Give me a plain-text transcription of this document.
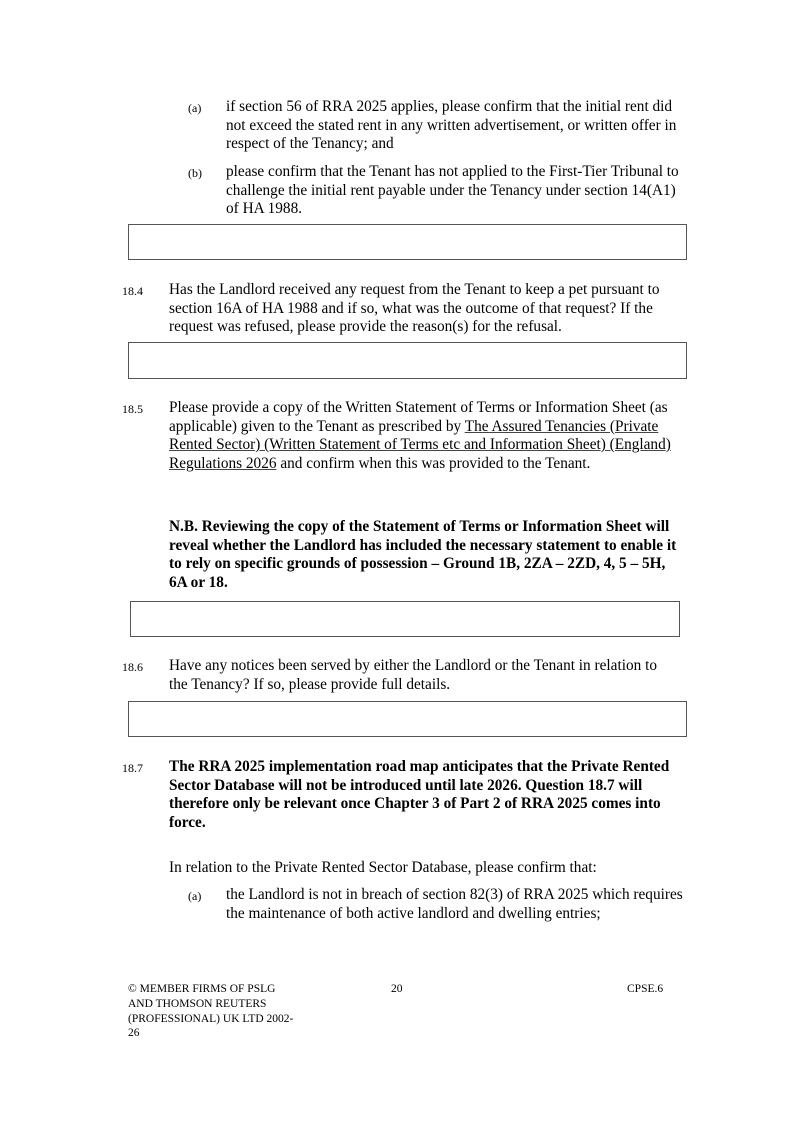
(a) if section 56 of RRA 2025 applies, please confirm that the initial rent did not exceed the stated rent in any written advertisement, or written offer in respect of the Tenancy; and

(b) please confirm that the Tenant has not applied to the First-Tier Tribunal to challenge the initial rent payable under the Tenancy under section 14(A1) of HA 1988.

18.4 Has the Landlord received any request from the Tenant to keep a pet pursuant to section 16A of HA 1988 and if so, what was the outcome of that request? If the request was refused, please provide the reason(s) for the refusal.

18.5 Please provide a copy of the Written Statement of Terms or Information Sheet (as applicable) given to the Tenant as prescribed by The Assured Tenancies (Private Rented Sector) (Written Statement of Terms etc and Information Sheet) (England) Regulations 2026 and confirm when this was provided to the Tenant.

N.B. Reviewing the copy of the Statement of Terms or Information Sheet will reveal whether the Landlord has included the necessary statement to enable it to rely on specific grounds of possession – Ground 1B, 2ZA – 2ZD, 4, 5 – 5H, 6A or 18.

18.6 Have any notices been served by either the Landlord or the Tenant in relation to the Tenancy? If so, please provide full details.

18.7 The RRA 2025 implementation road map anticipates that the Private Rented Sector Database will not be introduced until late 2026. Question 18.7 will therefore only be relevant once Chapter 3 of Part 2 of RRA 2025 comes into force.

In relation to the Private Rented Sector Database, please confirm that:

(a) the Landlord is not in breach of section 82(3) of RRA 2025 which requires the maintenance of both active landlord and dwelling entries;

© MEMBER FIRMS OF PSLG AND THOMSON REUTERS (PROFESSIONAL) UK LTD 2002-26
20	CPSE.6
